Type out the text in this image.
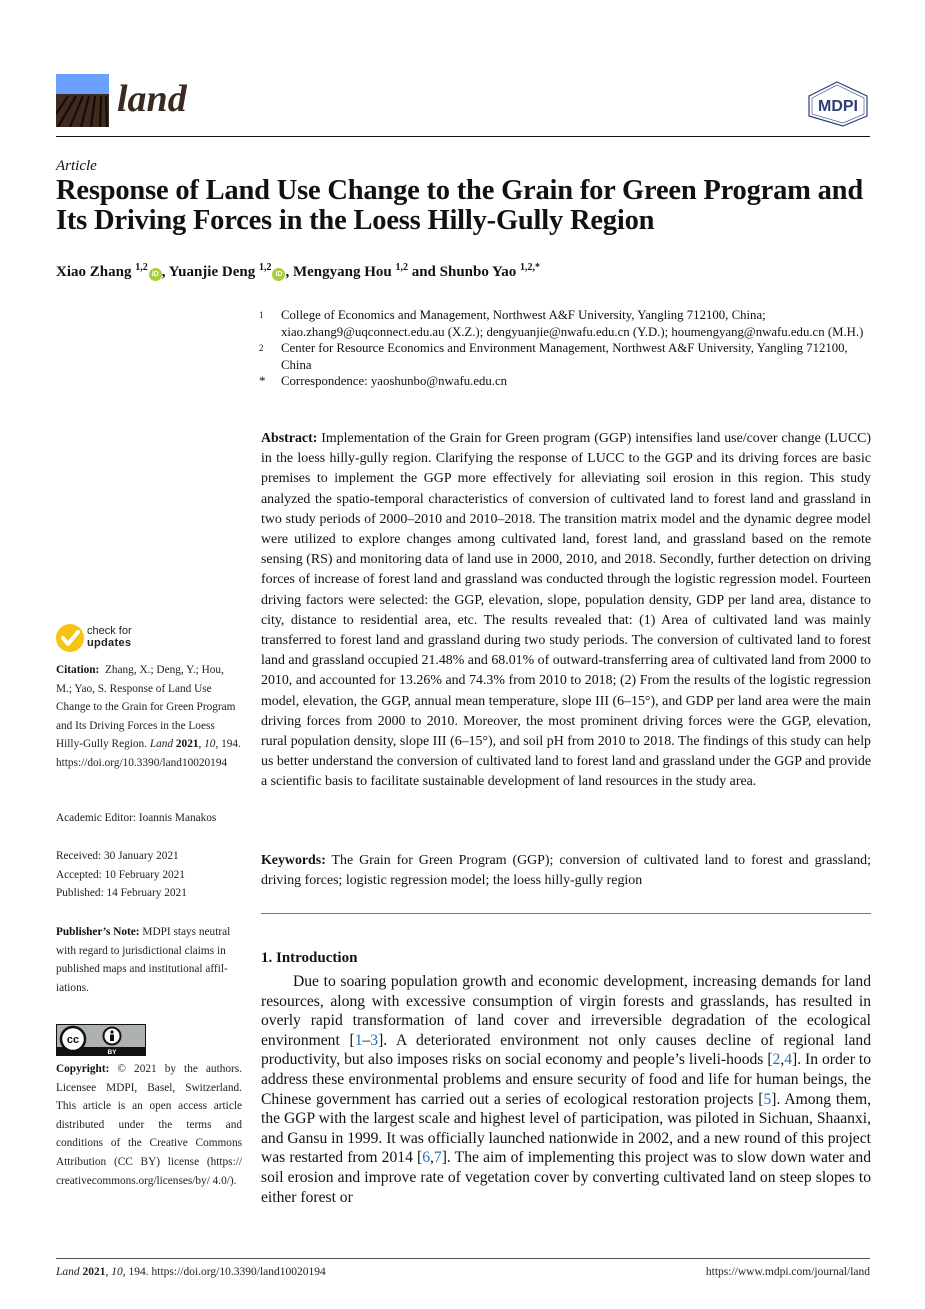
land	MDPI
Article
Response of Land Use Change to the Grain for Green Program and Its Driving Forces in the Loess Hilly-Gully Region
Xiao Zhang $^{1,2}$iD , Yuanjie Deng $^{1,2}$iD , Mengyang Hou $^{1,2}$ and Shunbo Yao $^{1,2,*}$
1	College of Economics and Management, Northwest A&F University, Yangling 712100, China; xiao.zhang9@uqconnect.edu.au (X.Z.); dengyuanjie@nwafu.edu.cn (Y.D.); houmengyang@nwafu.edu.cn (M.H.)
2	Center for Resource Economics and Environment Management, Northwest A&F University, Yangling 712100, China
*	Correspondence: yaoshunbo@nwafu.edu.cn
Abstract: Implementation of the Grain for Green program (GGP) intensifies land use/cover change (LUCC) in the loess hilly-gully region. Clarifying the response of LUCC to the GGP and its driving forces are basic premises to implement the GGP more effectively for alleviating soil erosion in this region. This study analyzed the spatio-temporal characteristics of conversion of cultivated land to forest land and grassland in two study periods of 2000–2010 and 2010–2018. The transition matrix model and the dynamic degree model were utilized to explore changes among cultivated land, forest land, and grassland based on the remote sensing (RS) and monitoring data of land use in 2000, 2010, and 2018. Secondly, further detection on driving forces of increase of forest land and grassland was conducted through the logistic regression model. Fourteen driving factors were selected: the GGP, elevation, slope, population density, GDP per land area, distance to city, distance to residential area, etc. The results revealed that: (1) Area of cultivated land was mainly transferred to forest land and grassland during two study periods. The conversion of cultivated land to forest land and grassland occupied 21.48% and 68.01% of outward-transferring area of cultivated land from 2000 to 2010, and accounted for 13.26% and 74.3% from 2010 to 2018; (2) From the results of the logistic regression model, elevation, the GGP, annual mean temperature, slope III (6–15°), and GDP per land area were the main driving forces from 2000 to 2010. Moreover, the most prominent driving forces were the GGP, elevation, rural population density, slope III (6–15°), and soil pH from 2010 to 2018. The findings of this study can help us better understand the conversion of cultivated land to forest land and grassland under the GGP and provide a scientific basis to facilitate sustainable development of land resources in the study area.
Keywords: The Grain for Green Program (GGP); conversion of cultivated land to forest and grassland; driving forces; logistic regression model; the loess hilly-gully region
1. Introduction
Due to soaring population growth and economic development, increasing demands for land resources, along with excessive consumption of virgin forests and grasslands, has resulted in overly rapid transformation of land cover and irreversible degradation of the ecological environment [1–3]. A deteriorated environment not only causes decline of regional land productivity, but also imposes risks on social economy and people’s liveli-hoods [2,4]. In order to address these environmental problems and ensure security of food and life for human beings, the Chinese government has carried out a series of ecological restoration projects [5]. Among them, the GGP with the largest scale and highest level of participation, was piloted in Sichuan, Shaanxi, and Gansu in 1999. It was officially launched nationwide in 2002, and a new round of this project was restarted from 2014 [6,7]. The aim of implementing this project was to slow down water and soil erosion and improve rate of vegetation cover by converting cultivated land on steep slopes to either forest or
check for
updates
Citation: Zhang, X.; Deng, Y.; Hou, M.; Yao, S. Response of Land Use Change to the Grain for Green Program and Its Driving Forces in the Loess Hilly-Gully Region. Land 2021, 10, 194. https://doi.org/10.3390/land10020194
Academic Editor: Ioannis Manakos
Received: 30 January 2021
Accepted: 10 February 2021
Published: 14 February 2021
Publisher’s Note: MDPI stays neutral with regard to jurisdictional claims in published maps and institutional affil-iations.
cc
BY
Copyright: © 2021 by the authors. Licensee MDPI, Basel, Switzerland. This article is an open access article distributed under the terms and conditions of the Creative Commons Attribution (CC BY) license (https:// creativecommons.org/licenses/by/ 4.0/).
Land 2021, 10, 194. https://doi.org/10.3390/land10020194	https://www.mdpi.com/journal/land
